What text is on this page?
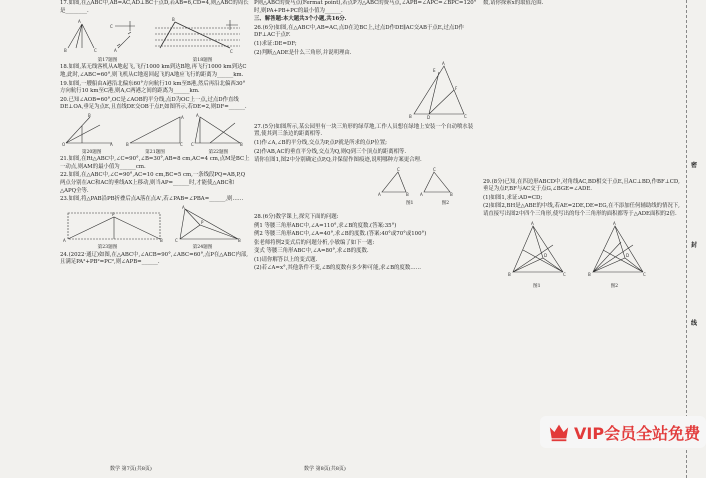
17.如图,在△ABC中,AB=AC,AD⊥BC于点D,若AB=6,CD=4,则△ABC的周长是________.
A
B	C
C
A
B
C
第17题图	第18题图
18.如图,某无线客机从A地起飞,飞行1000 km到达B地,再飞行1000 km到达C地,此时,∠ABC=60°,则飞机从C地返回起飞的A地应飞行的距离为______km.
19.如图,一艘船由A港沿北偏东60°方向航行10 km至B港,然后再沿北偏西30°方向航行10 km至C港,则A,C两港之间的距离为______km.
20.已知∠AOB=60°,OC是∠AOB的平分线,点D为OC上一点,过点D作直线DE⊥OA,垂足为点E,且直线DE交OB于点F,如图所示,若DE=2,则DF=______.
O	A
B
B	C
A	A
C	B
第20题图	第21题图	第22题图
21.如图,在Rt△ABC中,∠C=90°,∠B=30°,AB=8 cm,AC=4 cm,点M是BC上一动点,则AM的最小值为______cm.
22.如图,在△ABC中,∠C=90°,AC=10 cm,BC=5 cm,一条线段PQ=AB,P,Q两点分别在AC和AC的垂线AX上移动,则当AP=______时,才能使△ABC和△APQ全等.
23.如图,将△PAB沿PB折叠后点A落在点A',若∠PAB=∠PBA=______,则……
A	B
P
A
C	B
P
第23题图	第24题图
24.(2022·通辽)如图,在△ABC中,∠ACB=90°,∠ABC=60°,点P在△ABC内部,且满足PA²+PB²=PC²,则∠APB=______.
数学 第7页(共8页)
P则△ABC的费马点(Fermat point),若点P为△ABC的费马点,∠APB=∠APC=∠BPC=120°时,则PA+PB+PC的最小值为______.
三、解答题:本大题共3个小题,共16分.
26.(6分)如图,在△ABC中,AB=AC,点D在边BC上,过点D作DE∥AC交AB于点E,过点D作DF⊥AC于点F.
(1)求证:DE=DF;
(2)判断△ADE是什么三角形,并说明理由.
A
B	C
D
F
E
27.(5分)如图所示,某公园里有一块三角形的绿草地,工作人员想在绿地上安装一个自动喷水装置,使其到三条边的距离相等.
(1)作∠A,∠B的平分线,交点为P,点P就是所求的点P位置;
(2)作AB,AC的垂直平分线,交点为Q,则Q到三个顶点的距离相等.
请你在图1,图2中分别确定点P,Q,并保留作图痕迹,说明哪种方案更合理.
A	B
C
A	B
C
图1	图2
28.(6分)数学课上,探究下面的问题:
例1 等腰三角形ABC中,∠A=110°,求∠B的度数.(答案:35°)
例2 等腰三角形ABC中,∠A=40°,求∠B的度数.(答案:40°或70°或100°)
张老师将例2变式后的问题分析,小敏编了如下一题:
变式 等腰三角形ABC中,∠A=80°,求∠B的度数.
(1)请你解答以上的变式题.
(2)若∠A=x°,其他条件不变,∠B的度数有多少种可能,求∠B的度数……
数学 第8页(共8页)
数,请你探索x的取值范围.
29.(8分)已知,在四边形ABCD中,对角线AC,BD相交于点E,且AC⊥BD,作BF⊥CD,垂足为点F,BF与AC交于点G,∠BGE=∠ADE.
(1)如图1,求证:AD=CD;
(2)如图2,BH是△ABE的中线,若AE=2DE,DE=EG,在不添加任何辅助线的情况下,请直接写出图2中四个三角形,使写出的每个三角形的面积都等于△ADE面积的2倍.
A
B	C
D
A
B	C
D
图1	图2
密
封
线
VIP会员全站免费
